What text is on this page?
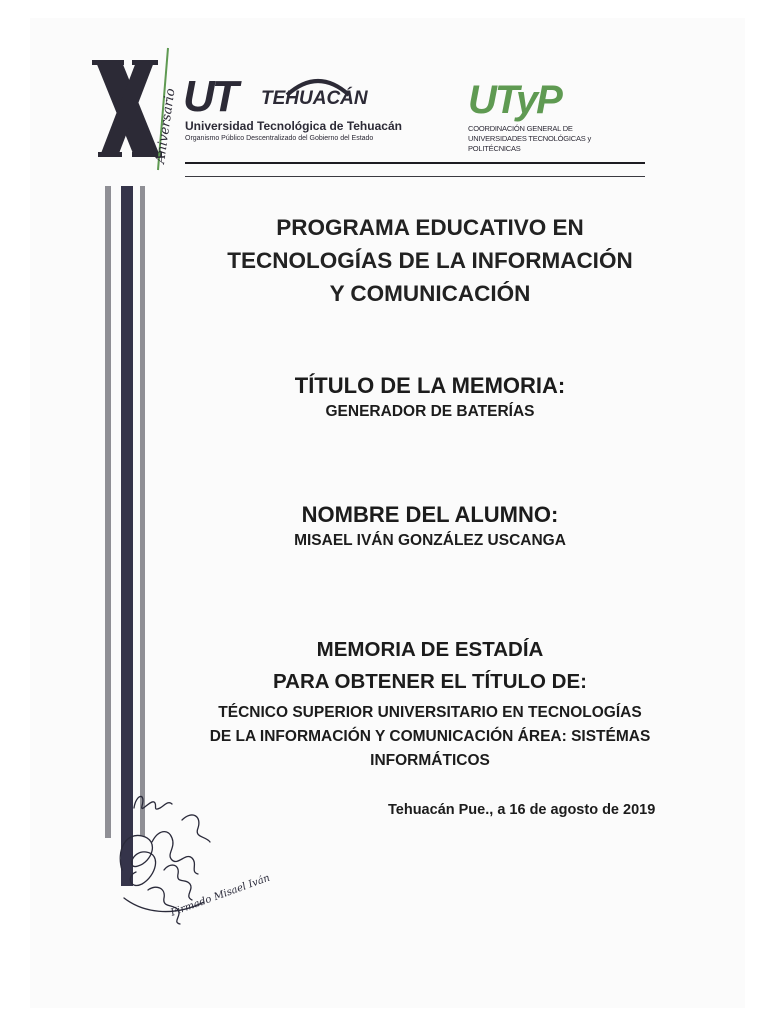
Aniversario UT TEHUACÁN
Universidad Tecnológica de Tehuacán
Organismo Público Descentralizado del Gobierno del Estado
UTyP
COORDINACIÓN GENERAL DE UNIVERSIDADES TECNOLÓGICAS y POLITÉCNICAS
PROGRAMA EDUCATIVO EN
TECNOLOGÍAS DE LA INFORMACIÓN
Y COMUNICACIÓN
TÍTULO DE LA MEMORIA:
GENERADOR DE BATERÍAS
NOMBRE DEL ALUMNO:
MISAEL IVÁN GONZÁLEZ USCANGA
MEMORIA DE ESTADÍA
PARA OBTENER EL TÍTULO DE:
TÉCNICO SUPERIOR UNIVERSITARIO EN TECNOLOGÍAS
DE LA INFORMACIÓN Y COMUNICACIÓN ÁREA: SISTÉMAS
INFORMÁTICOS
Tehuacán Pue., a 16 de agosto de 2019
Firmado Misael Iván
